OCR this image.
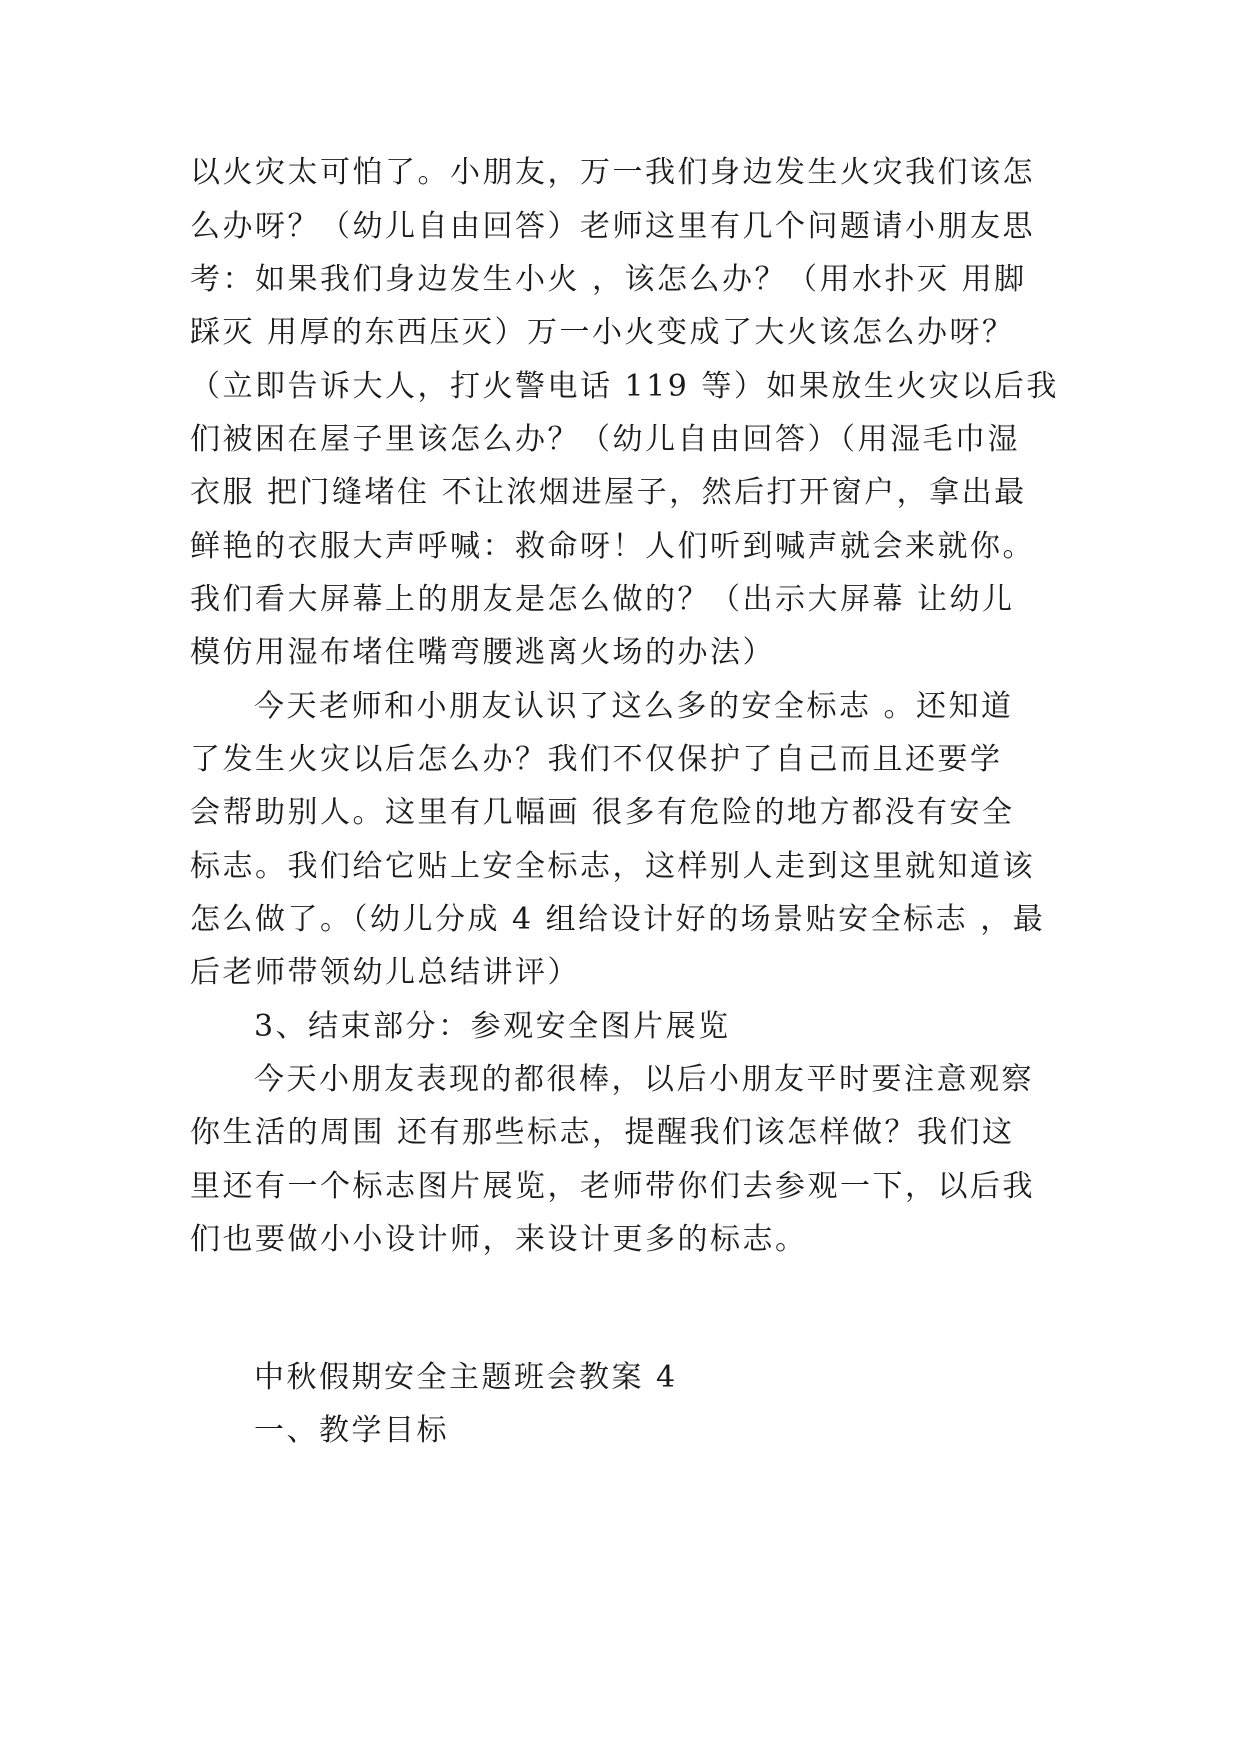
以火灾太可怕了。小朋友，万一我们身边发生火灾我们该怎
么办呀？（幼儿自由回答）老师这里有几个问题请小朋友思
考：如果我们身边发生小火 ，该怎么办？（用水扑灭 用脚
踩灭 用厚的东西压灭）万一小火变成了大火该怎么办呀？
（立即告诉大人，打火警电话 119 等）如果放生火灾以后我
们被困在屋子里该怎么办？（幼儿自由回答）（用湿毛巾湿
衣服 把门缝堵住 不让浓烟进屋子，然后打开窗户，拿出最
鲜艳的衣服大声呼喊：救命呀！人们听到喊声就会来就你。
我们看大屏幕上的朋友是怎么做的？（出示大屏幕 让幼儿
模仿用湿布堵住嘴弯腰逃离火场的办法）
今天老师和小朋友认识了这么多的安全标志 。还知道
了发生火灾以后怎么办？我们不仅保护了自己而且还要学
会帮助别人。这里有几幅画 很多有危险的地方都没有安全
标志。我们给它贴上安全标志，这样别人走到这里就知道该
怎么做了。（幼儿分成 4 组给设计好的场景贴安全标志 ，最
后老师带领幼儿总结讲评）
3、结束部分：参观安全图片展览
今天小朋友表现的都很棒，以后小朋友平时要注意观察
你生活的周围 还有那些标志，提醒我们该怎样做？我们这
里还有一个标志图片展览，老师带你们去参观一下，以后我
们也要做小小设计师，来设计更多的标志。
中秋假期安全主题班会教案 4
一、教学目标
